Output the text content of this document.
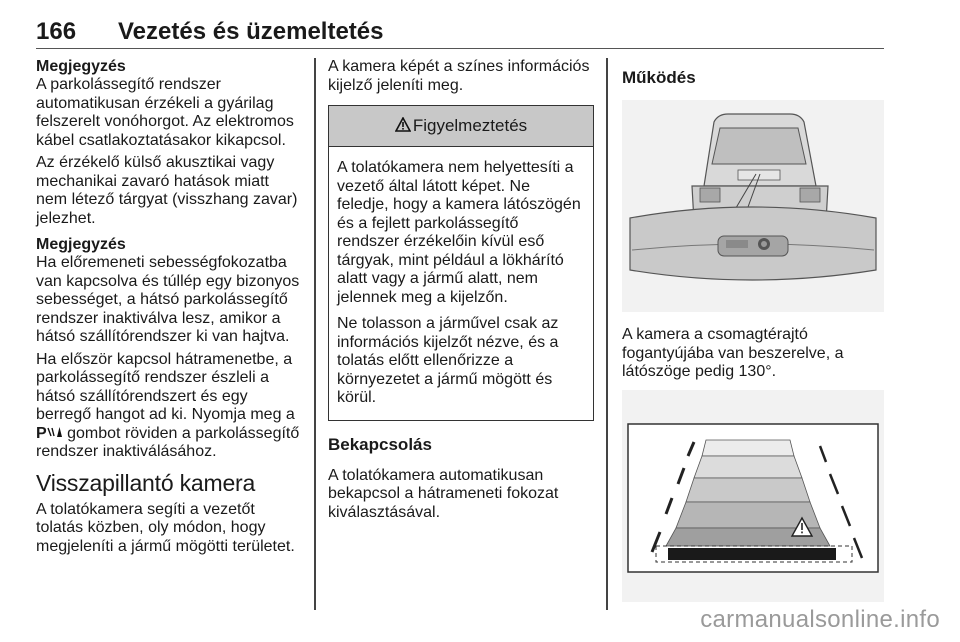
166 Vezetés és üzemeltetés
Megjegyzés

A parkolássegítő rendszer automatikusan érzékeli a gyárilag felszerelt vonóhorgot. Az elektromos kábel csatlakoztatásakor kikapcsol.

Az érzékelő külső akusztikai vagy mechanikai zavaró hatások miatt nem létező tárgyat (visszhang zavar) jelezhet.

Megjegyzés

Ha előremeneti sebességfokozatba van kapcsolva és túllép egy bizonyos sebességet, a hátsó parkolássegítő rendszer inaktiválva lesz, amikor a hátsó szállítórendszer ki van hajtva.

Ha először kapcsol hátramenetbe, a parkolássegítő rendszer észleli a hátsó szállítórendszert és egy berregő hangot ad ki. Nyomja meg a P gombot röviden a parkolássegítő rendszer inaktiválásához.

Visszapillantó kamera

A tolatókamera segíti a vezetőt tolatás közben, oly módon, hogy megjeleníti a jármű mögötti területet.

A kamera képét a színes információs kijelző jeleníti meg.

Figyelmeztetés

A tolatókamera nem helyettesíti a vezető által látott képet. Ne feledje, hogy a kamera látószögén és a fejlett parkolássegítő rendszer érzékelőin kívül eső tárgyak, mint például a lökhárító alatt vagy a jármű alatt, nem jelennek meg a kijelzőn.

Ne tolasson a járművel csak az információs kijelzőt nézve, és a tolatás előtt ellenőrizze a környezetet a jármű mögött és körül.

Bekapcsolás

A tolatókamera automatikusan bekapcsol a hátrameneti fokozat kiválasztásával.

Működés

A kamera a csomagtérajtó fogantyújába van beszerelve, a látószöge pedig 130°.

carmanualsonline.info
